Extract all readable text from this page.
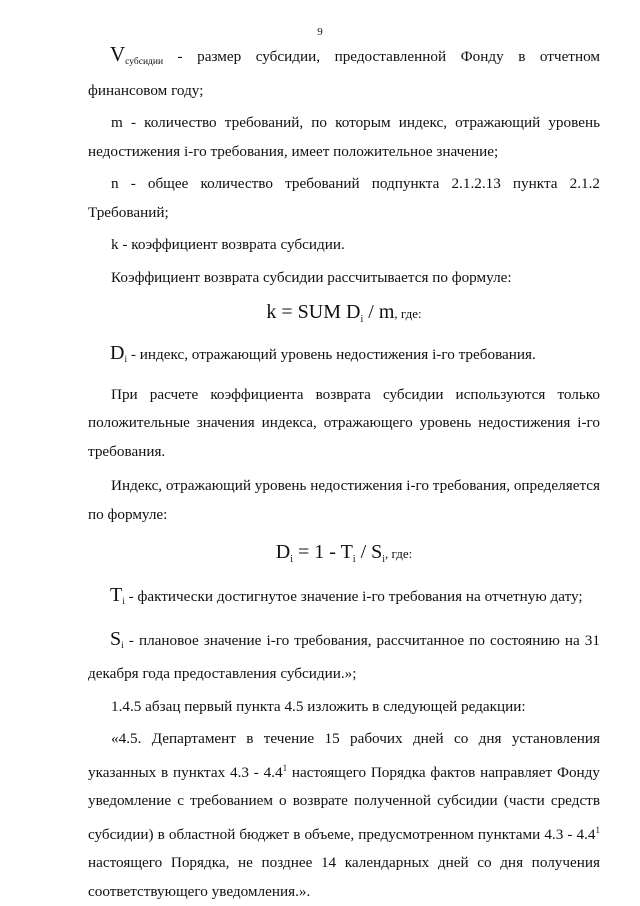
9

$V_{субсидии}$ - размер субсидии, предоставленной Фонду в отчетном финансовом году;

m - количество требований, по которым индекс, отражающий уровень недостижения i-го требования, имеет положительное значение;

n - общее количество требований подпункта 2.1.2.13 пункта 2.1.2 Требований;

k - коэффициент возврата субсидии.

Коэффициент возврата субсидии рассчитывается по формуле:

k = SUM $D_i$ / m, где:

$D_i$ - индекс, отражающий уровень недостижения i-го требования.

При расчете коэффициента возврата субсидии используются только положительные значения индекса, отражающего уровень недостижения i-го требования.

Индекс, отражающий уровень недостижения i-го требования, определяется по формуле:

$D_i = 1 - T_i / S_i$, где:

$T_i$ - фактически достигнутое значение i-го требования на отчетную дату;

$S_i$ - плановое значение i-го требования, рассчитанное по состоянию на 31 декабря года предоставления субсидии.»;

1.4.5 абзац первый пункта 4.5 изложить в следующей редакции:

«4.5. Департамент в течение 15 рабочих дней со дня установления указанных в пунктах $4.3 - 4.4^1$ настоящего Порядка фактов направляет Фонду уведомление с требованием о возврате полученной субсидии (части средств субсидии) в областной бюджет в объеме, предусмотренном пунктами $4.3 - 4.4^1$ настоящего Порядка, не позднее 14 календарных дней со дня получения соответствующего уведомления.».
